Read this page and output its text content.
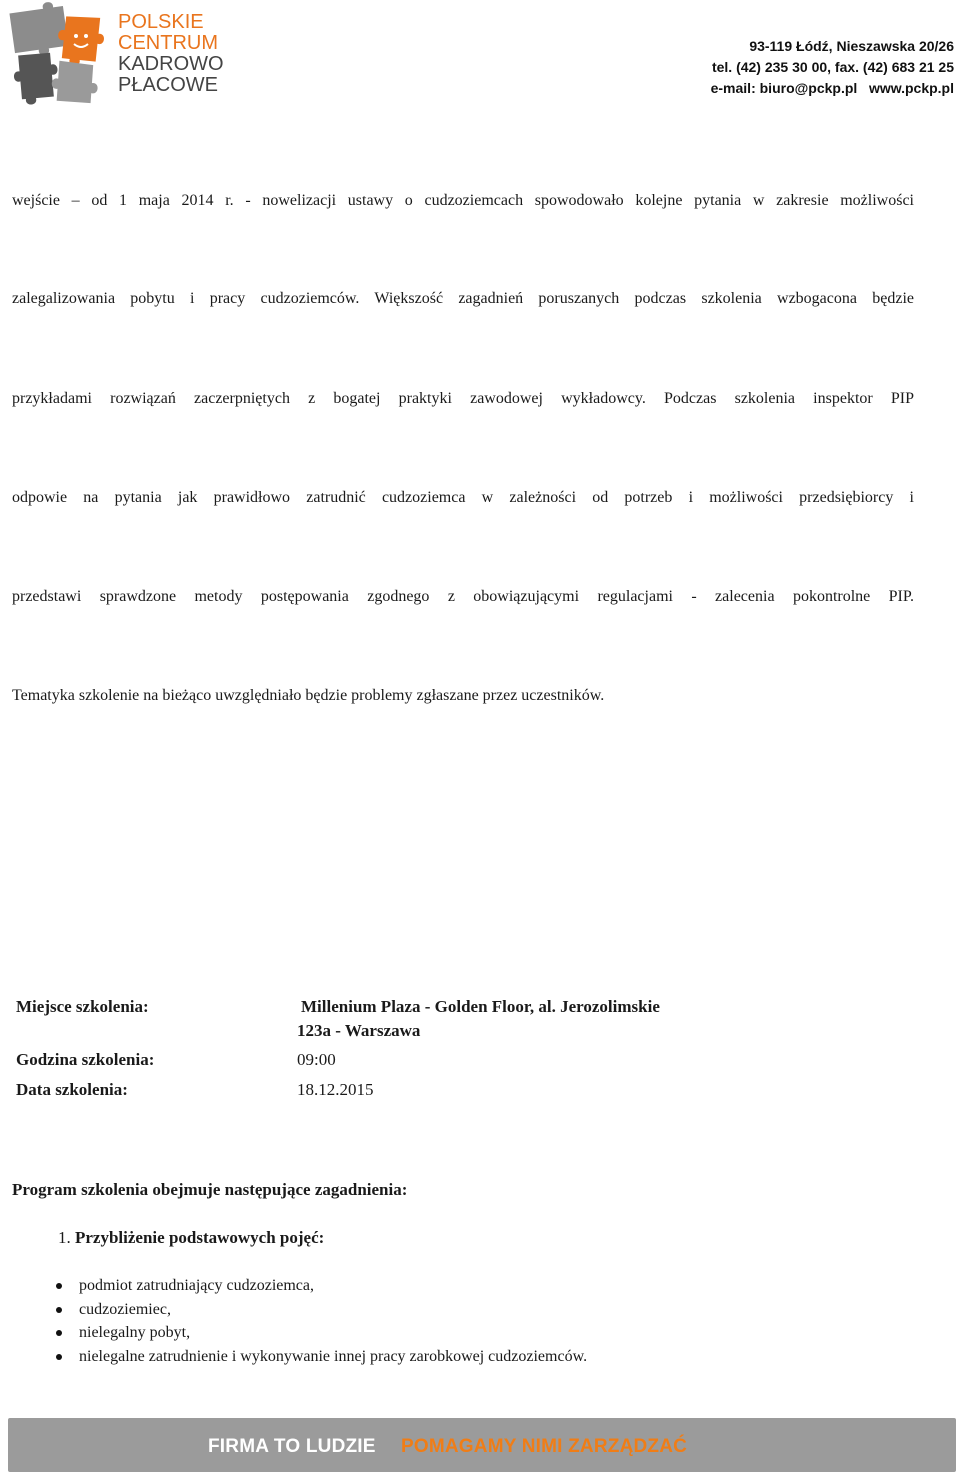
POLSKIE
CENTRUM
KADROWO
PŁACOWE
93-119 Łódź, Nieszawska 20/26
tel. (42) 235 30 00, fax. (42) 683 21 25
e-mail: biuro@pckp.pl   www.pckp.pl
wejście – od 1 maja 2014 r. - nowelizacji ustawy o cudzoziemcach spowodowało kolejne pytania w zakresie możliwości
zalegalizowania pobytu i pracy cudzoziemców. Większość zagadnień poruszanych podczas szkolenia wzbogacona będzie
przykładami rozwiązań zaczerpniętych z bogatej praktyki zawodowej wykładowcy. Podczas szkolenia inspektor PIP
odpowie na pytania jak prawidłowo zatrudnić cudzoziemca w zależności od potrzeb i możliwości przedsiębiorcy i
przedstawi sprawdzone metody postępowania zgodnego z obowiązującymi regulacjami - zalecenia pokontrolne PIP.
Tematyka szkolenie na bieżąco uwzględniało będzie problemy zgłaszane przez uczestników.
Miejsce szkolenia:	Millenium Plaza - Golden Floor, al. Jerozolimskie
123a - Warszawa
Godzina szkolenia:	09:00
Data szkolenia:	18.12.2015
Program szkolenia obejmuje następujące zagadnienia:
1. Przybliżenie podstawowych pojęć:
podmiot zatrudniający cudzoziemca,
cudzoziemiec,
nielegalny pobyt,
nielegalne zatrudnienie i wykonywanie innej pracy zarobkowej cudzoziemców.
FIRMA TO LUDZIE POMAGAMY NIMI ZARZĄDZAĆ
